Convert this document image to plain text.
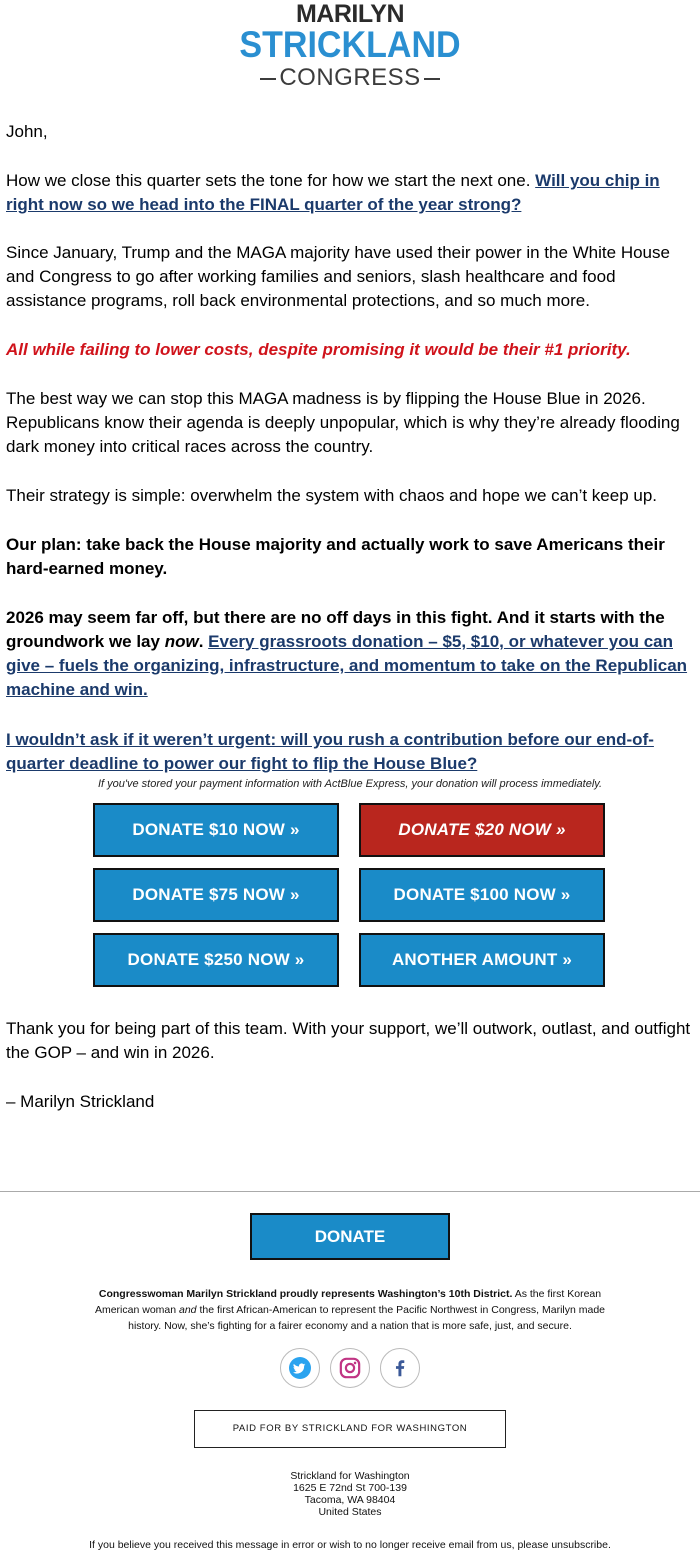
MARILYN
STRICKLAND
CONGRESS

John,

How we close this quarter sets the tone for how we start the next one. Will you chip in right now so we head into the FINAL quarter of the year strong?

Since January, Trump and the MAGA majority have used their power in the White House and Congress to go after working families and seniors, slash healthcare and food assistance programs, roll back environmental protections, and so much more.

All while failing to lower costs, despite promising it would be their #1 priority.

The best way we can stop this MAGA madness is by flipping the House Blue in 2026. Republicans know their agenda is deeply unpopular, which is why they’re already flooding dark money into critical races across the country.

Their strategy is simple: overwhelm the system with chaos and hope we can’t keep up.

Our plan: take back the House majority and actually work to save Americans their hard-earned money.

2026 may seem far off, but there are no off days in this fight. And it starts with the groundwork we lay now. Every grassroots donation – $5, $10, or whatever you can give – fuels the organizing, infrastructure, and momentum to take on the Republican machine and win.

I wouldn’t ask if it weren’t urgent: will you rush a contribution before our end-of-quarter deadline to power our fight to flip the House Blue?

If you've stored your payment information with ActBlue Express, your donation will process immediately.
DONATE $10 NOW »	DONATE $20 NOW »
DONATE $75 NOW »	DONATE $100 NOW »
DONATE $250 NOW »	ANOTHER AMOUNT »

Thank you for being part of this team. With your support, we’ll outwork, outlast, and outfight the GOP – and win in 2026.

– Marilyn Strickland

DONATE
Congresswoman Marilyn Strickland proudly represents Washington’s 10th District. As the first Korean American woman and the first African-American to represent the Pacific Northwest in Congress, Marilyn made history. Now, she’s fighting for a fairer economy and a nation that is more safe, just, and secure.

PAID FOR BY STRICKLAND FOR WASHINGTON
Strickland for Washington
1625 E 72nd St 700-139
Tacoma, WA 98404
United States
If you believe you received this message in error or wish to no longer receive email from us, please unsubscribe.
